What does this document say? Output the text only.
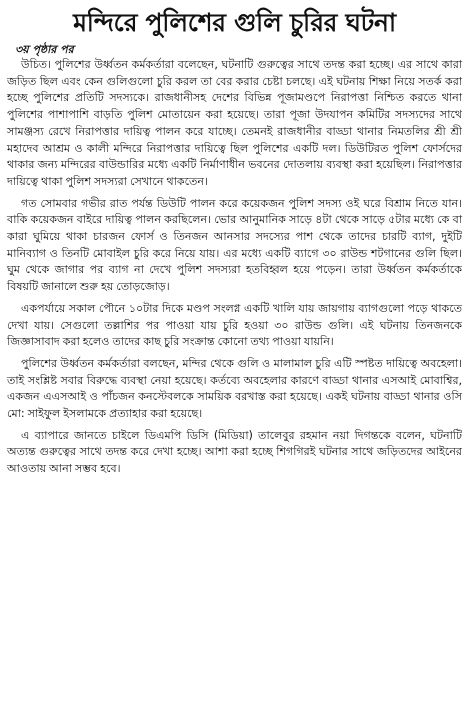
মন্দিরে পুলিশের গুলি চুরির ঘটনা
৩য় পৃষ্ঠার পর

উচিত। পুলিশের উর্ধ্বতন কর্মকর্তারা বলেছেন, ঘটনাটি গুরুত্বের সাথে তদন্ত করা হচ্ছে। এর সাথে কারা জড়িত ছিল এবং কেন গুলিগুলো চুরি করল তা বের করার চেষ্টা চলছে। এই ঘটনায় শিক্ষা নিয়ে সতর্ক করা হচ্ছে পুলিশের প্রতিটি সদস্যকে। রাজধানীসহ দেশের বিভিন্ন পূজামণ্ডপে নিরাপত্তা নিশ্চিত করতে থানা পুলিশের পাশাপাশি বাড়তি পুলিশ মোতায়েন করা হয়েছে। তারা পূজা উদযাপন কমিটির সদস্যদের সাথে সামঞ্জস্য রেখে নিরাপত্তার দায়িত্ব পালন করে যাচ্ছে। তেমনই রাজধানীর বাড্ডা থানার নিমতলির শ্রী শ্রী মহাদেব আশ্রম ও কালী মন্দিরে নিরাপত্তার দায়িত্বে ছিল পুলিশের একটি দল। ডিউটিরত পুলিশ ফোর্সদের থাকার জন্য মন্দিরের বাউন্ডারির মধ্যে একটি নির্মাণাধীন ভবনের দোতলায় ব্যবস্থা করা হয়েছিল। নিরাপত্তার দায়িত্বে থাকা পুলিশ সদস্যরা সেখানে থাকতেন।

গত সোমবার গভীর রাত পর্যন্ত ডিউটি পালন করে কয়েকজন পুলিশ সদস্য ওই ঘরে বিশ্রাম নিতে যান। বাকি কয়েকজন বাইরে দায়িত্ব পালন করছিলেন। ভোর আনুমানিক সাড়ে ৪টা থেকে সাড়ে ৫টার মধ্যে কে বা কারা ঘুমিয়ে থাকা চারজন ফোর্স ও তিনজন আনসার সদস্যের পাশ থেকে তাদের চারটি ব্যাগ, দুইটি মানিব্যাগ ও তিনটি মোবাইল চুরি করে নিয়ে যায়। এর মধ্যে একটি ব্যাগে ৩০ রাউন্ড শটগানের গুলি ছিল। ঘুম থেকে জাগার পর ব্যাগ না দেখে পুলিশ সদস্যরা হতবিহ্বল হয়ে পড়েন। তারা উর্ধ্বতন কর্মকর্তাকে বিষয়টি জানালে শুরু হয় তোড়জোড়।

একপর্যায়ে সকাল পৌনে ১০টার দিকে মণ্ডপ সংলগ্ন একটি খালি যায় জায়গায় ব্যাগগুলো পড়ে থাকতে দেখা যায়। সেগুলো তল্লাশির পর পাওয়া যায় চুরি হওয়া ৩০ রাউন্ড গুলি। এই ঘটনায় তিনজনকে জিজ্ঞাসাবাদ করা হলেও তাদের কাছ চুরি সংক্রান্ত কোনো তথ্য পাওয়া যায়নি।

পুলিশের উর্ধ্বতন কর্মকর্তারা বলছেন, মন্দির থেকে গুলি ও মালামাল চুরি এটি স্পষ্টত দায়িত্বে অবহেলা। তাই সংশ্লিষ্ট সবার বিরুদ্ধে ব্যবস্থা নেয়া হয়েছে। কর্তব্যে অবহেলার কারণে বাড্ডা থানার এসআই মোবাশ্বির, একজন এএসআই ও পাঁচজন কনস্টেবলকে সাময়িক বরখাস্ত করা হয়েছে। একই ঘটনায় বাড্ডা থানার ওসি মো: সাইফুল ইসলামকে প্রত্যাহার করা হয়েছে।

এ ব্যাপারে জানতে চাইলে ডিএমপি ডিসি (মিডিয়া) তালেবুর রহমান নয়া দিগন্তকে বলেন, ঘটনাটি অত্যন্ত গুরুত্বের সাথে তদন্ত করে দেখা হচ্ছে। আশা করা হচ্ছে শিগগিরই ঘটনার সাথে জড়িতদের আইনের আওতায় আনা সম্ভব হবে।
